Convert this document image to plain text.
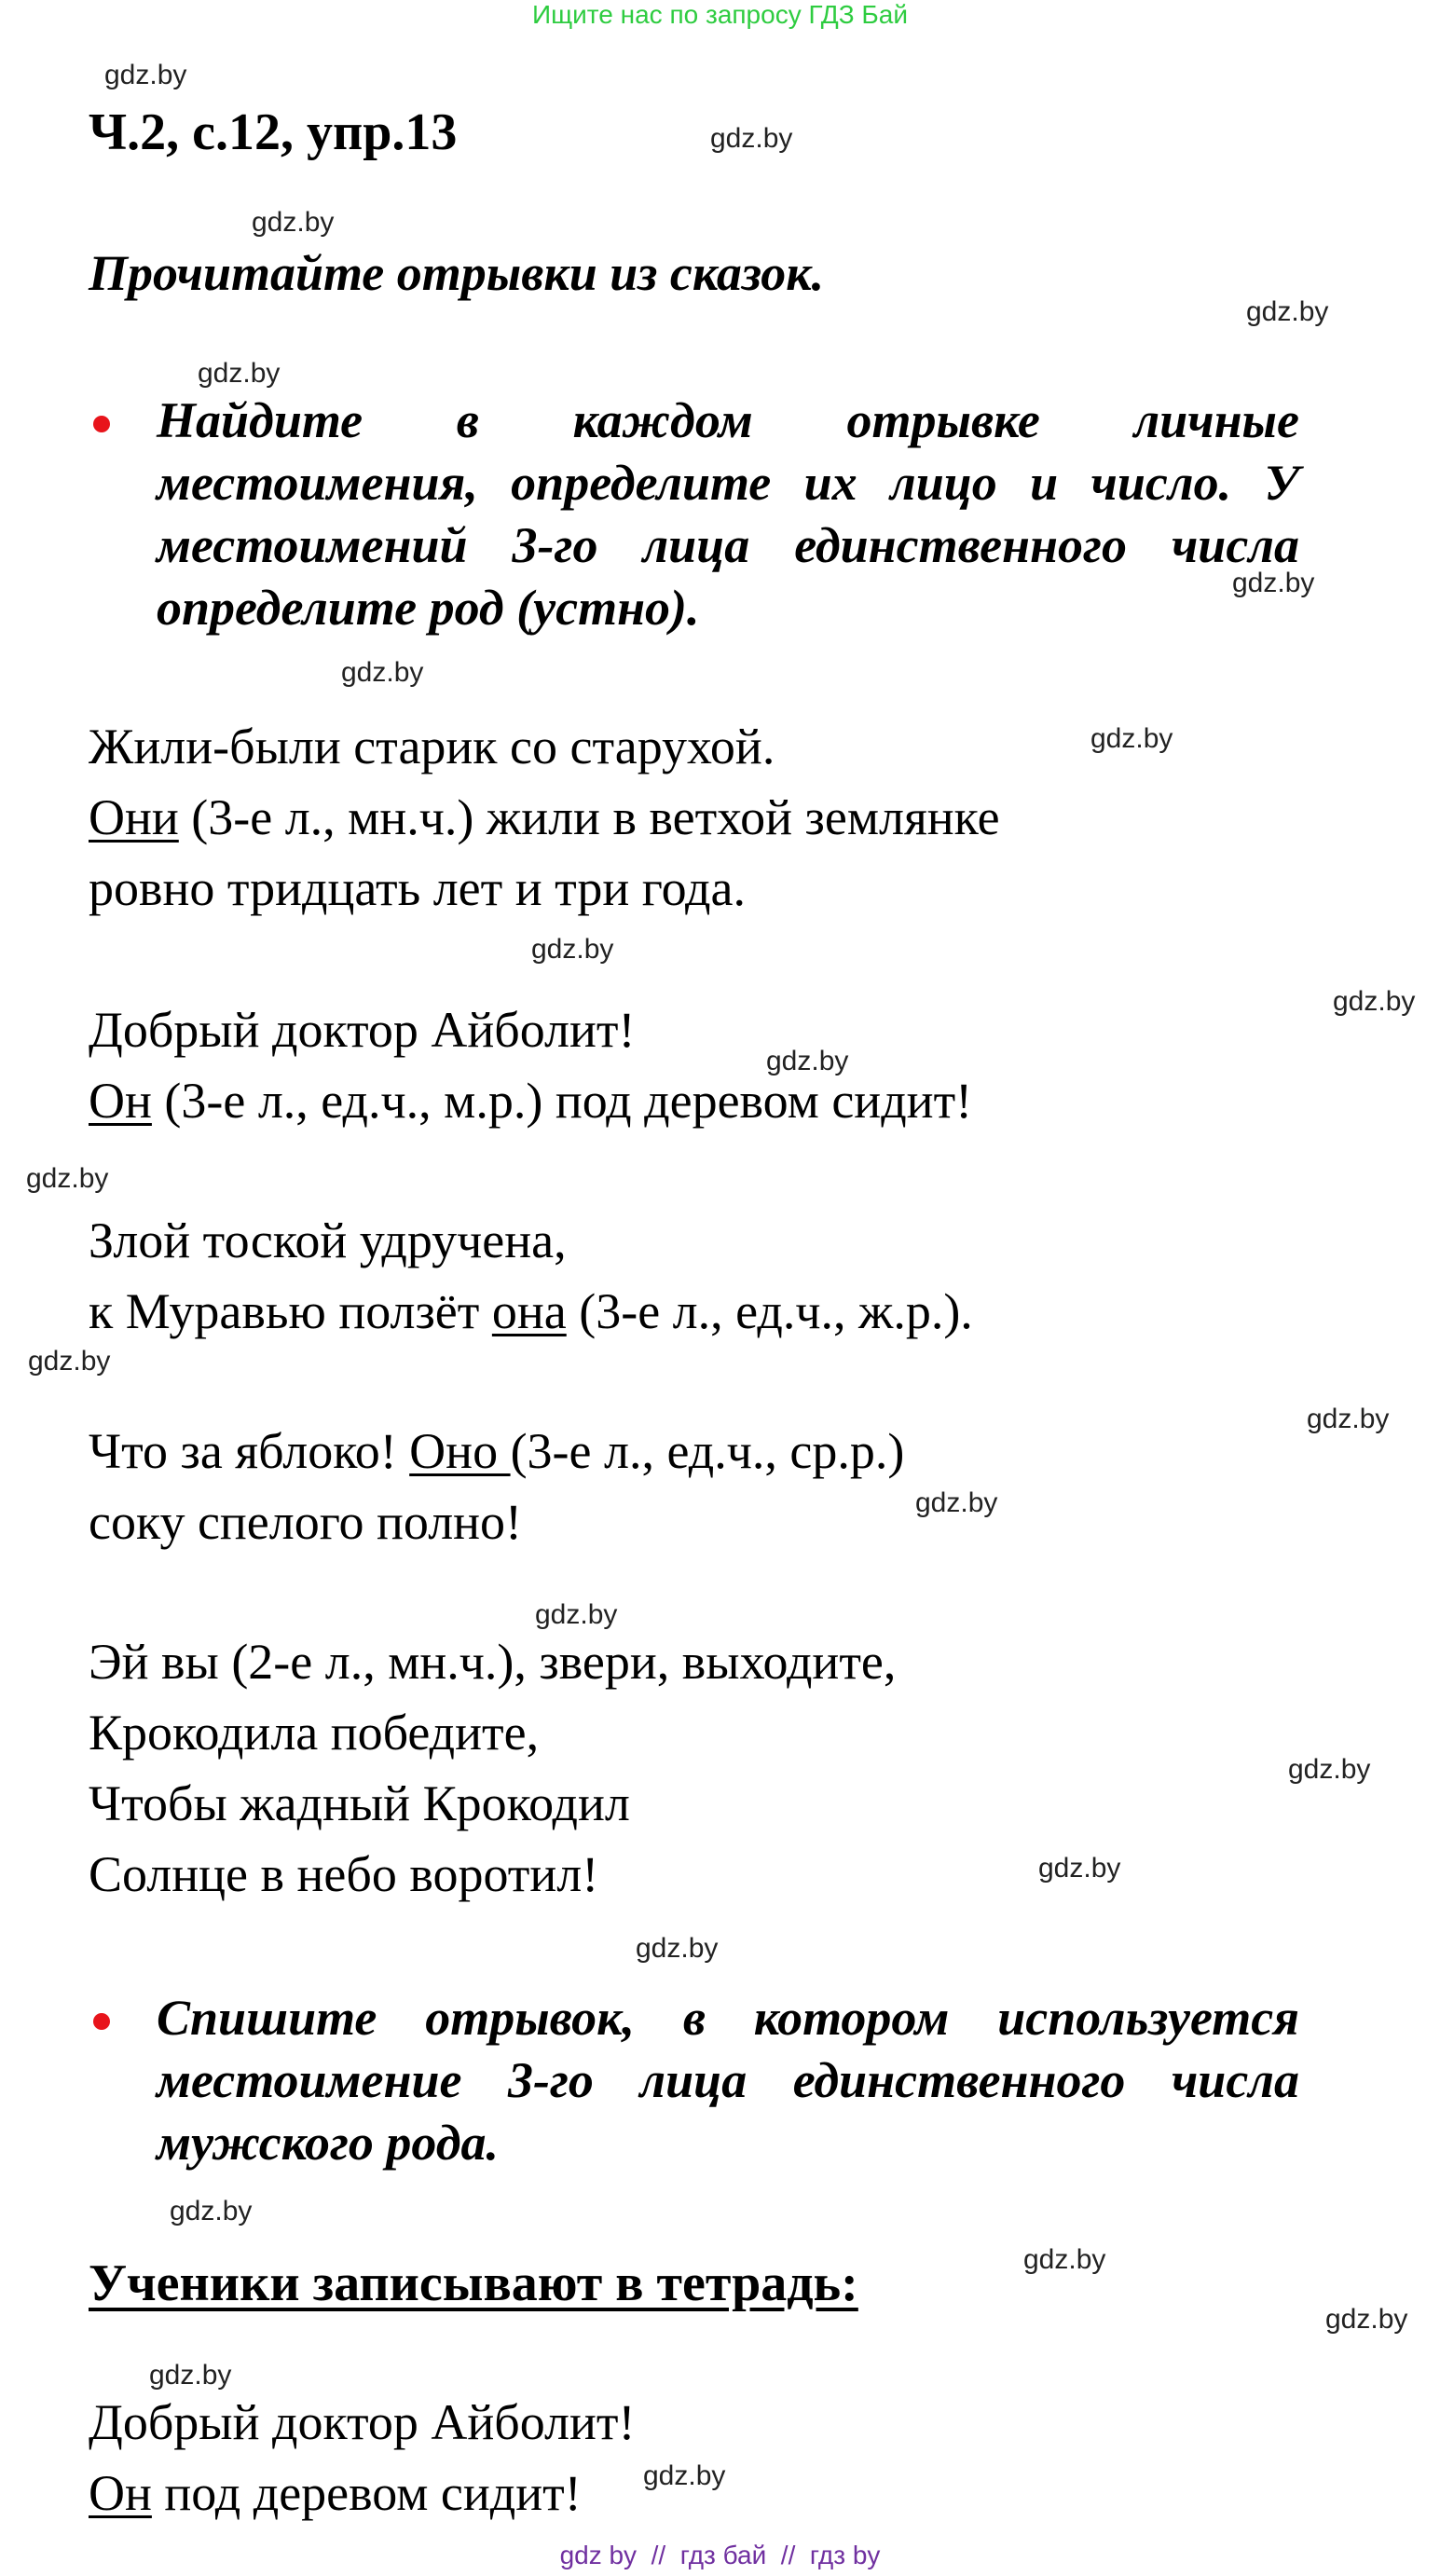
Ищите нас по запросу ГДЗ Бай
gdz.by
gdz.by
gdz.by
gdz.by
gdz.by
gdz.by
gdz.by
gdz.by
gdz.by
gdz.by
gdz.by
gdz.by
gdz.by
gdz.by
gdz.by
gdz.by
gdz.by
gdz.by
gdz.by
gdz.by
gdz.by
gdz.by
gdz.by
gdz.by
Ч.2, с.12, упр.13
Прочитайте отрывки из сказок.
Найдите в каждом отрывке личные местоимения, определите их лицо и число. У местоимений 3-го лица единственного числа определите род (устно).
Жили-были старик со старухой.
Они (3-е л., мн.ч.) жили в ветхой землянке
ровно тридцать лет и три года.
Добрый доктор Айболит!
Он (3-е л., ед.ч., м.р.) под деревом сидит!
Злой тоской удручена,
к Муравью ползёт она (3-е л., ед.ч., ж.р.).
Что за яблоко! Оно (3-е л., ед.ч., ср.р.)
соку спелого полно!
Эй вы (2-е л., мн.ч.), звери, выходите,
Крокодила победите,
Чтобы жадный Крокодил
Солнце в небо воротил!
Спишите отрывок, в котором используется местоимение 3-го лица единственного числа мужского рода.
Ученики записывают в тетрадь:
Добрый доктор Айболит!
Он под деревом сидит!
gdz by  //  гдз бай  //  гдз by
